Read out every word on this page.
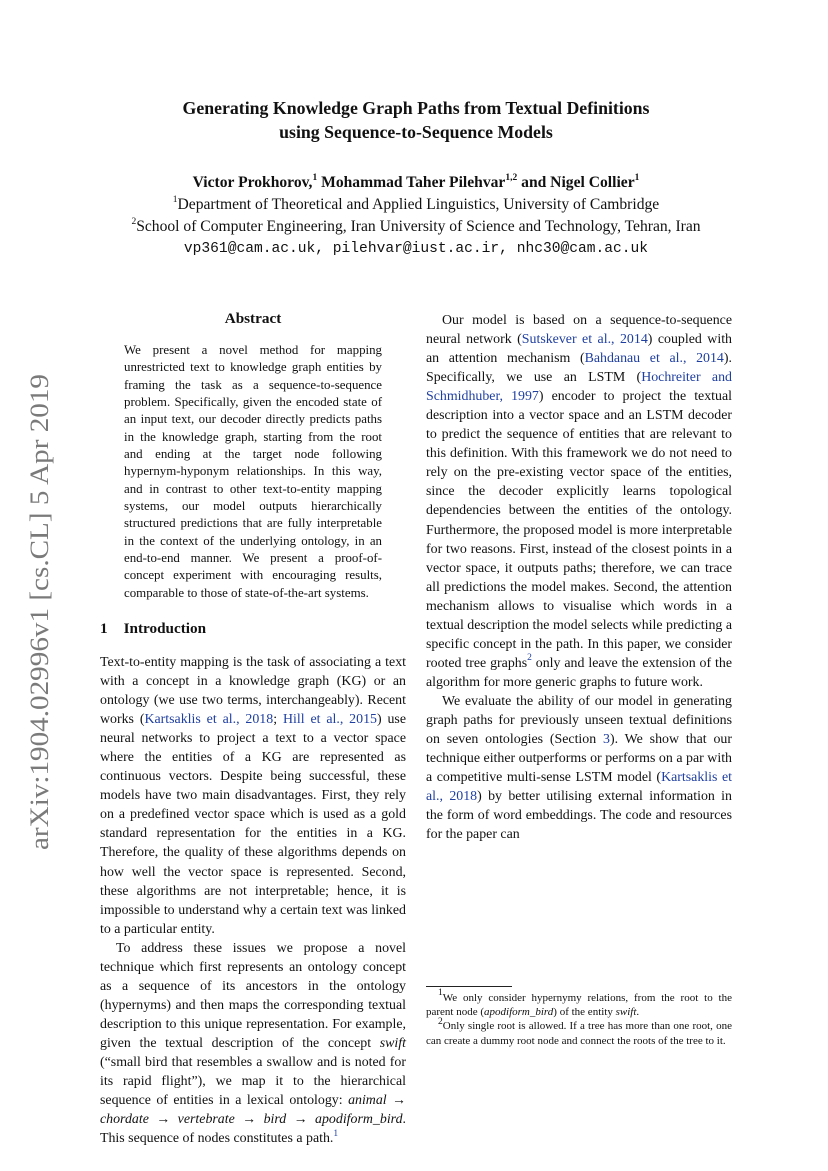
arXiv:1904.02996v1 [cs.CL] 5 Apr 2019
Generating Knowledge Graph Paths from Textual Definitions
using Sequence-to-Sequence Models
Victor Prokhorov,$^1$ Mohammad Taher Pilehvar$^{1,2}$ and Nigel Collier$^1$
$^1$Department of Theoretical and Applied Linguistics, University of Cambridge
$^2$School of Computer Engineering, Iran University of Science and Technology, Tehran, Iran
vp361@cam.ac.uk, pilehvar@iust.ac.ir, nhc30@cam.ac.uk
Abstract
We present a novel method for mapping unrestricted text to knowledge graph entities by framing the task as a sequence-to-sequence problem. Specifically, given the encoded state of an input text, our decoder directly predicts paths in the knowledge graph, starting from the root and ending at the target node following hypernym-hyponym relationships. In this way, and in contrast to other text-to-entity mapping systems, our model outputs hierarchically structured predictions that are fully interpretable in the context of the underlying ontology, in an end-to-end manner. We present a proof-of-concept experiment with encouraging results, comparable to those of state-of-the-art systems.
1 Introduction

Text-to-entity mapping is the task of associating a text with a concept in a knowledge graph (KG) or an ontology (we use two terms, interchangeably). Recent works (Kartsaklis et al., 2018; Hill et al., 2015) use neural networks to project a text to a vector space where the entities of a KG are represented as continuous vectors. Despite being successful, these models have two main disadvantages. First, they rely on a predefined vector space which is used as a gold standard representation for the entities in a KG. Therefore, the quality of these algorithms depends on how well the vector space is represented. Second, these algorithms are not interpretable; hence, it is impossible to understand why a certain text was linked to a particular entity.

To address these issues we propose a novel technique which first represents an ontology concept as a sequence of its ancestors in the ontology (hypernyms) and then maps the corresponding textual description to this unique representation. For example, given the textual description of the concept swift (“small bird that resembles a swallow and is noted for its rapid flight”), we map it to the hierarchical sequence of entities in a lexical ontology: animal → chordate → vertebrate → bird → apodiform_bird. This sequence of nodes constitutes a path.$^1$

Our model is based on a sequence-to-sequence neural network (Sutskever et al., 2014) coupled with an attention mechanism (Bahdanau et al., 2014). Specifically, we use an LSTM (Hochreiter and Schmidhuber, 1997) encoder to project the textual description into a vector space and an LSTM decoder to predict the sequence of entities that are relevant to this definition. With this framework we do not need to rely on the pre-existing vector space of the entities, since the decoder explicitly learns topological dependencies between the entities of the ontology. Furthermore, the proposed model is more interpretable for two reasons. First, instead of the closest points in a vector space, it outputs paths; therefore, we can trace all predictions the model makes. Second, the attention mechanism allows to visualise which words in a textual description the model selects while predicting a specific concept in the path. In this paper, we consider rooted tree graphs$^2$ only and leave the extension of the algorithm for more generic graphs to future work.

We evaluate the ability of our model in generating graph paths for previously unseen textual definitions on seven ontologies (Section 3). We show that our technique either outperforms or performs on a par with a competitive multi-sense LSTM model (Kartsaklis et al., 2018) by better utilising external information in the form of word embeddings. The code and resources for the paper can

$^1$We only consider hypernymy relations, from the root to the parent node (apodiform_bird) of the entity swift.

$^2$Only single root is allowed. If a tree has more than one root, one can create a dummy root node and connect the roots of the tree to it.
